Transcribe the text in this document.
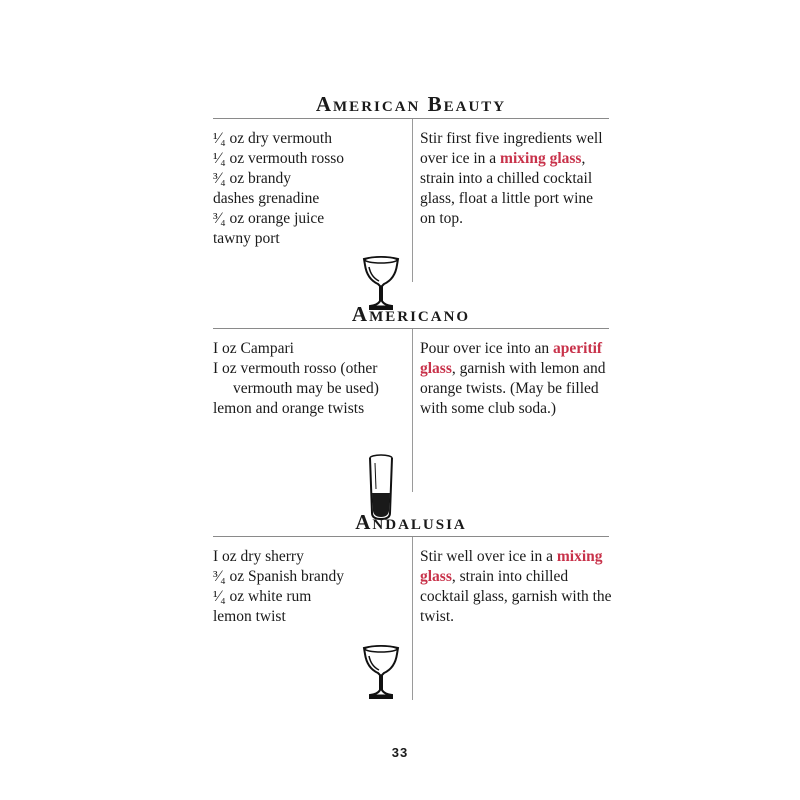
American Beauty
¹⁄₄ oz dry vermouth
¹⁄₄ oz vermouth rosso
³⁄₄ oz brandy
dashes grenadine
³⁄₄ oz orange juice
tawny port

Stir first five ingredients well over ice in a mixing glass, strain into a chilled cocktail glass, float a little port wine on top.

Americano
I oz Campari
I oz vermouth rosso (other
vermouth may be used)
lemon and orange twists

Pour over ice into an aperitif glass, garnish with lemon and orange twists. (May be filled with some club soda.)

Andalusia
I oz dry sherry
³⁄₄ oz Spanish brandy
¹⁄₄ oz white rum
lemon twist

Stir well over ice in a mixing glass, strain into chilled cocktail glass, garnish with the twist.

33
